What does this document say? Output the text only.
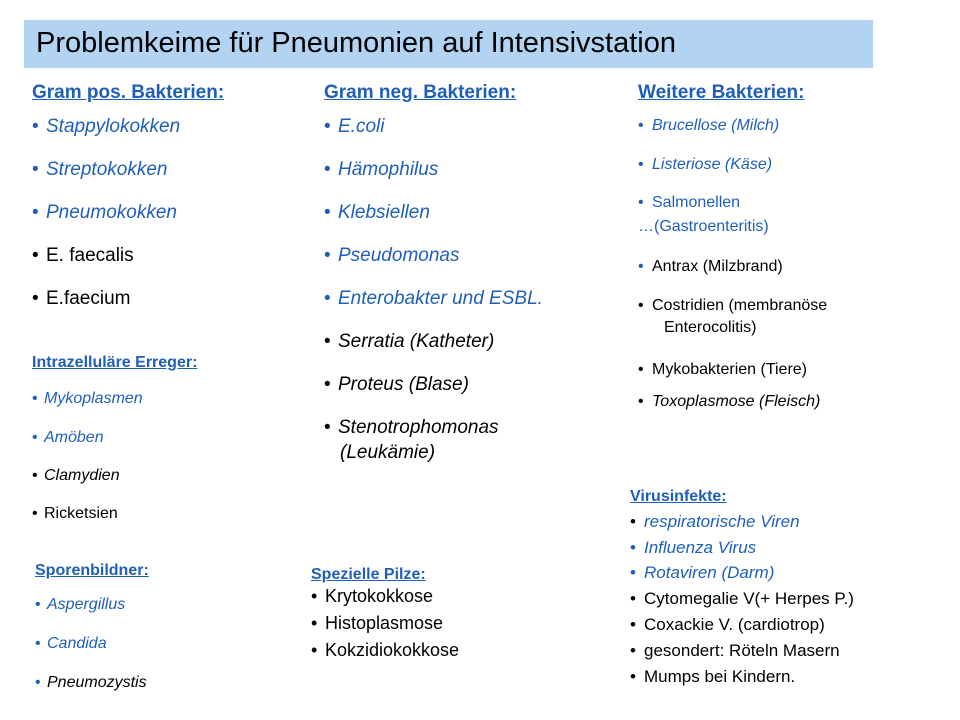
Problemkeime für Pneumonien auf Intensivstation
Gram pos. Bakterien:
• Stappylokokken
• Streptokokken
• Pneumokokken
• E. faecalis
• E.faecium
Gram neg. Bakterien:
• E.coli
• Hämophilus
• Klebsiellen
• Pseudomonas
• Enterobakter und ESBL.
• Serratia (Katheter)
• Proteus (Blase)
• Stenotrophomonas
(Leukämie)
Weitere Bakterien:
• Brucellose (Milch)
• Listeriose (Käse)
• Salmonellen
…(Gastroenteritis)
• Antrax (Milzbrand)
• Costridien (membranöse
Enterocolitis)
• Mykobakterien (Tiere)
• Toxoplasmose (Fleisch)
Intrazelluläre Erreger:
• Mykoplasmen
• Amöben
• Clamydien
• Ricketsien
Virusinfekte:
• respiratorische Viren
• Influenza Virus
• Rotaviren (Darm)
• Cytomegalie V(+ Herpes P.)
• Coxackie V. (cardiotrop)
• gesondert: Röteln Masern
• Mumps bei Kindern.
Sporenbildner:
• Aspergillus
• Candida
• Pneumozystis
Spezielle Pilze:
• Krytokokkose
• Histoplasmose
• Kokzidiokokkose
